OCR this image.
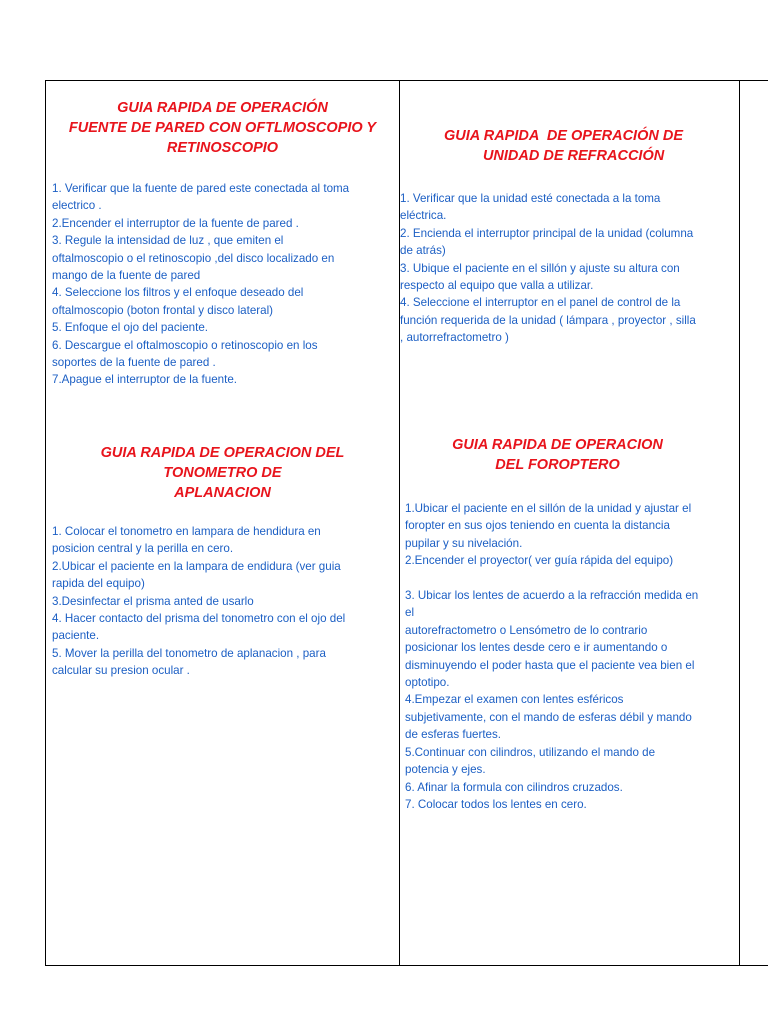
GUIA RAPIDA DE OPERACIÓN
FUENTE DE PARED CON OFTLMOSCOPIO Y
RETINOSCOPIO
1. Verificar que la fuente de pared este conectada al toma
electrico .
2.Encender el interruptor de la fuente de pared .
3. Regule la intensidad de luz , que emiten el
oftalmoscopio o el retinoscopio ,del disco localizado en
mango de la fuente de pared
4. Seleccione los filtros y el enfoque deseado del
oftalmoscopio (boton frontal y disco lateral)
5. Enfoque el ojo del paciente.
6. Descargue el oftalmoscopio o retinoscopio en los
soportes de la fuente de pared .
7.Apague el interruptor de la fuente.
GUIA RAPIDA  DE OPERACIÓN DE
UNIDAD DE REFRACCIÓN
1. Verificar que la unidad esté conectada a la toma
eléctrica.
2. Encienda el interruptor principal de la unidad (columna
de atrás)
3. Ubique el paciente en el sillón y ajuste su altura con
respecto al equipo que valla a utilizar.
4. Seleccione el interruptor en el panel de control de la
función requerida de la unidad ( lámpara , proyector , silla
, autorrefractometro )
GUIA RAPIDA DE OPERACION DEL
TONOMETRO DE
APLANACION
1. Colocar el tonometro en lampara de hendidura en
posicion central y la perilla en cero.
2.Ubicar el paciente en la lampara de endidura (ver guia
rapida del equipo)
3.Desinfectar el prisma anted de usarlo
4. Hacer contacto del prisma del tonometro con el ojo del
paciente.
5. Mover la perilla del tonometro de aplanacion , para
calcular su presion ocular .
GUIA RAPIDA DE OPERACION
DEL FOROPTERO
1.Ubicar el paciente en el sillón de la unidad y ajustar el
foropter en sus ojos teniendo en cuenta la distancia
pupilar y su nivelación.
2.Encender el proyector( ver guía rápida del equipo)

3. Ubicar los lentes de acuerdo a la refracción medida en
el
autorefractometro o Lensómetro de lo contrario
posicionar los lentes desde cero e ir aumentando o
disminuyendo el poder hasta que el paciente vea bien el
optotipo.
4.Empezar el examen con lentes esféricos
subjetivamente, con el mando de esferas débil y mando
de esferas fuertes.
5.Continuar con cilindros, utilizando el mando de
potencia y ejes.
6. Afinar la formula con cilindros cruzados.
7. Colocar todos los lentes en cero.
